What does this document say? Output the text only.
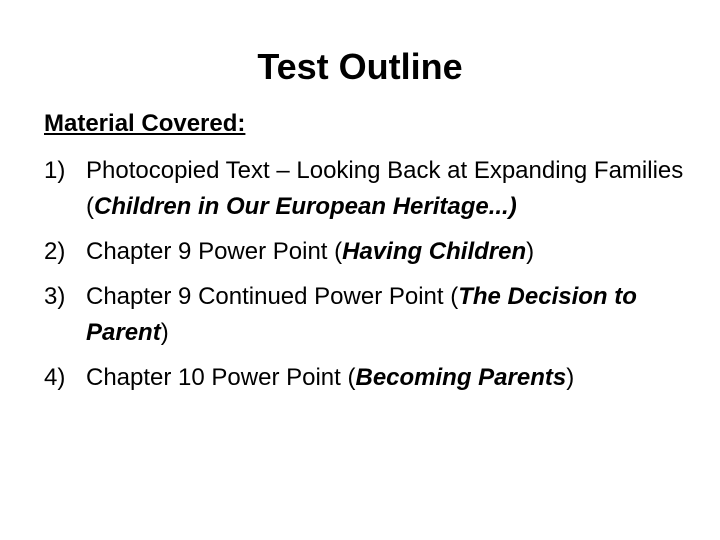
Test Outline
Material Covered:
1) Photocopied Text – Looking Back at Expanding Families (Children in Our European Heritage...)
2) Chapter 9 Power Point (Having Children)
3) Chapter 9 Continued Power Point (The Decision to Parent)
4) Chapter 10 Power Point (Becoming Parents)
